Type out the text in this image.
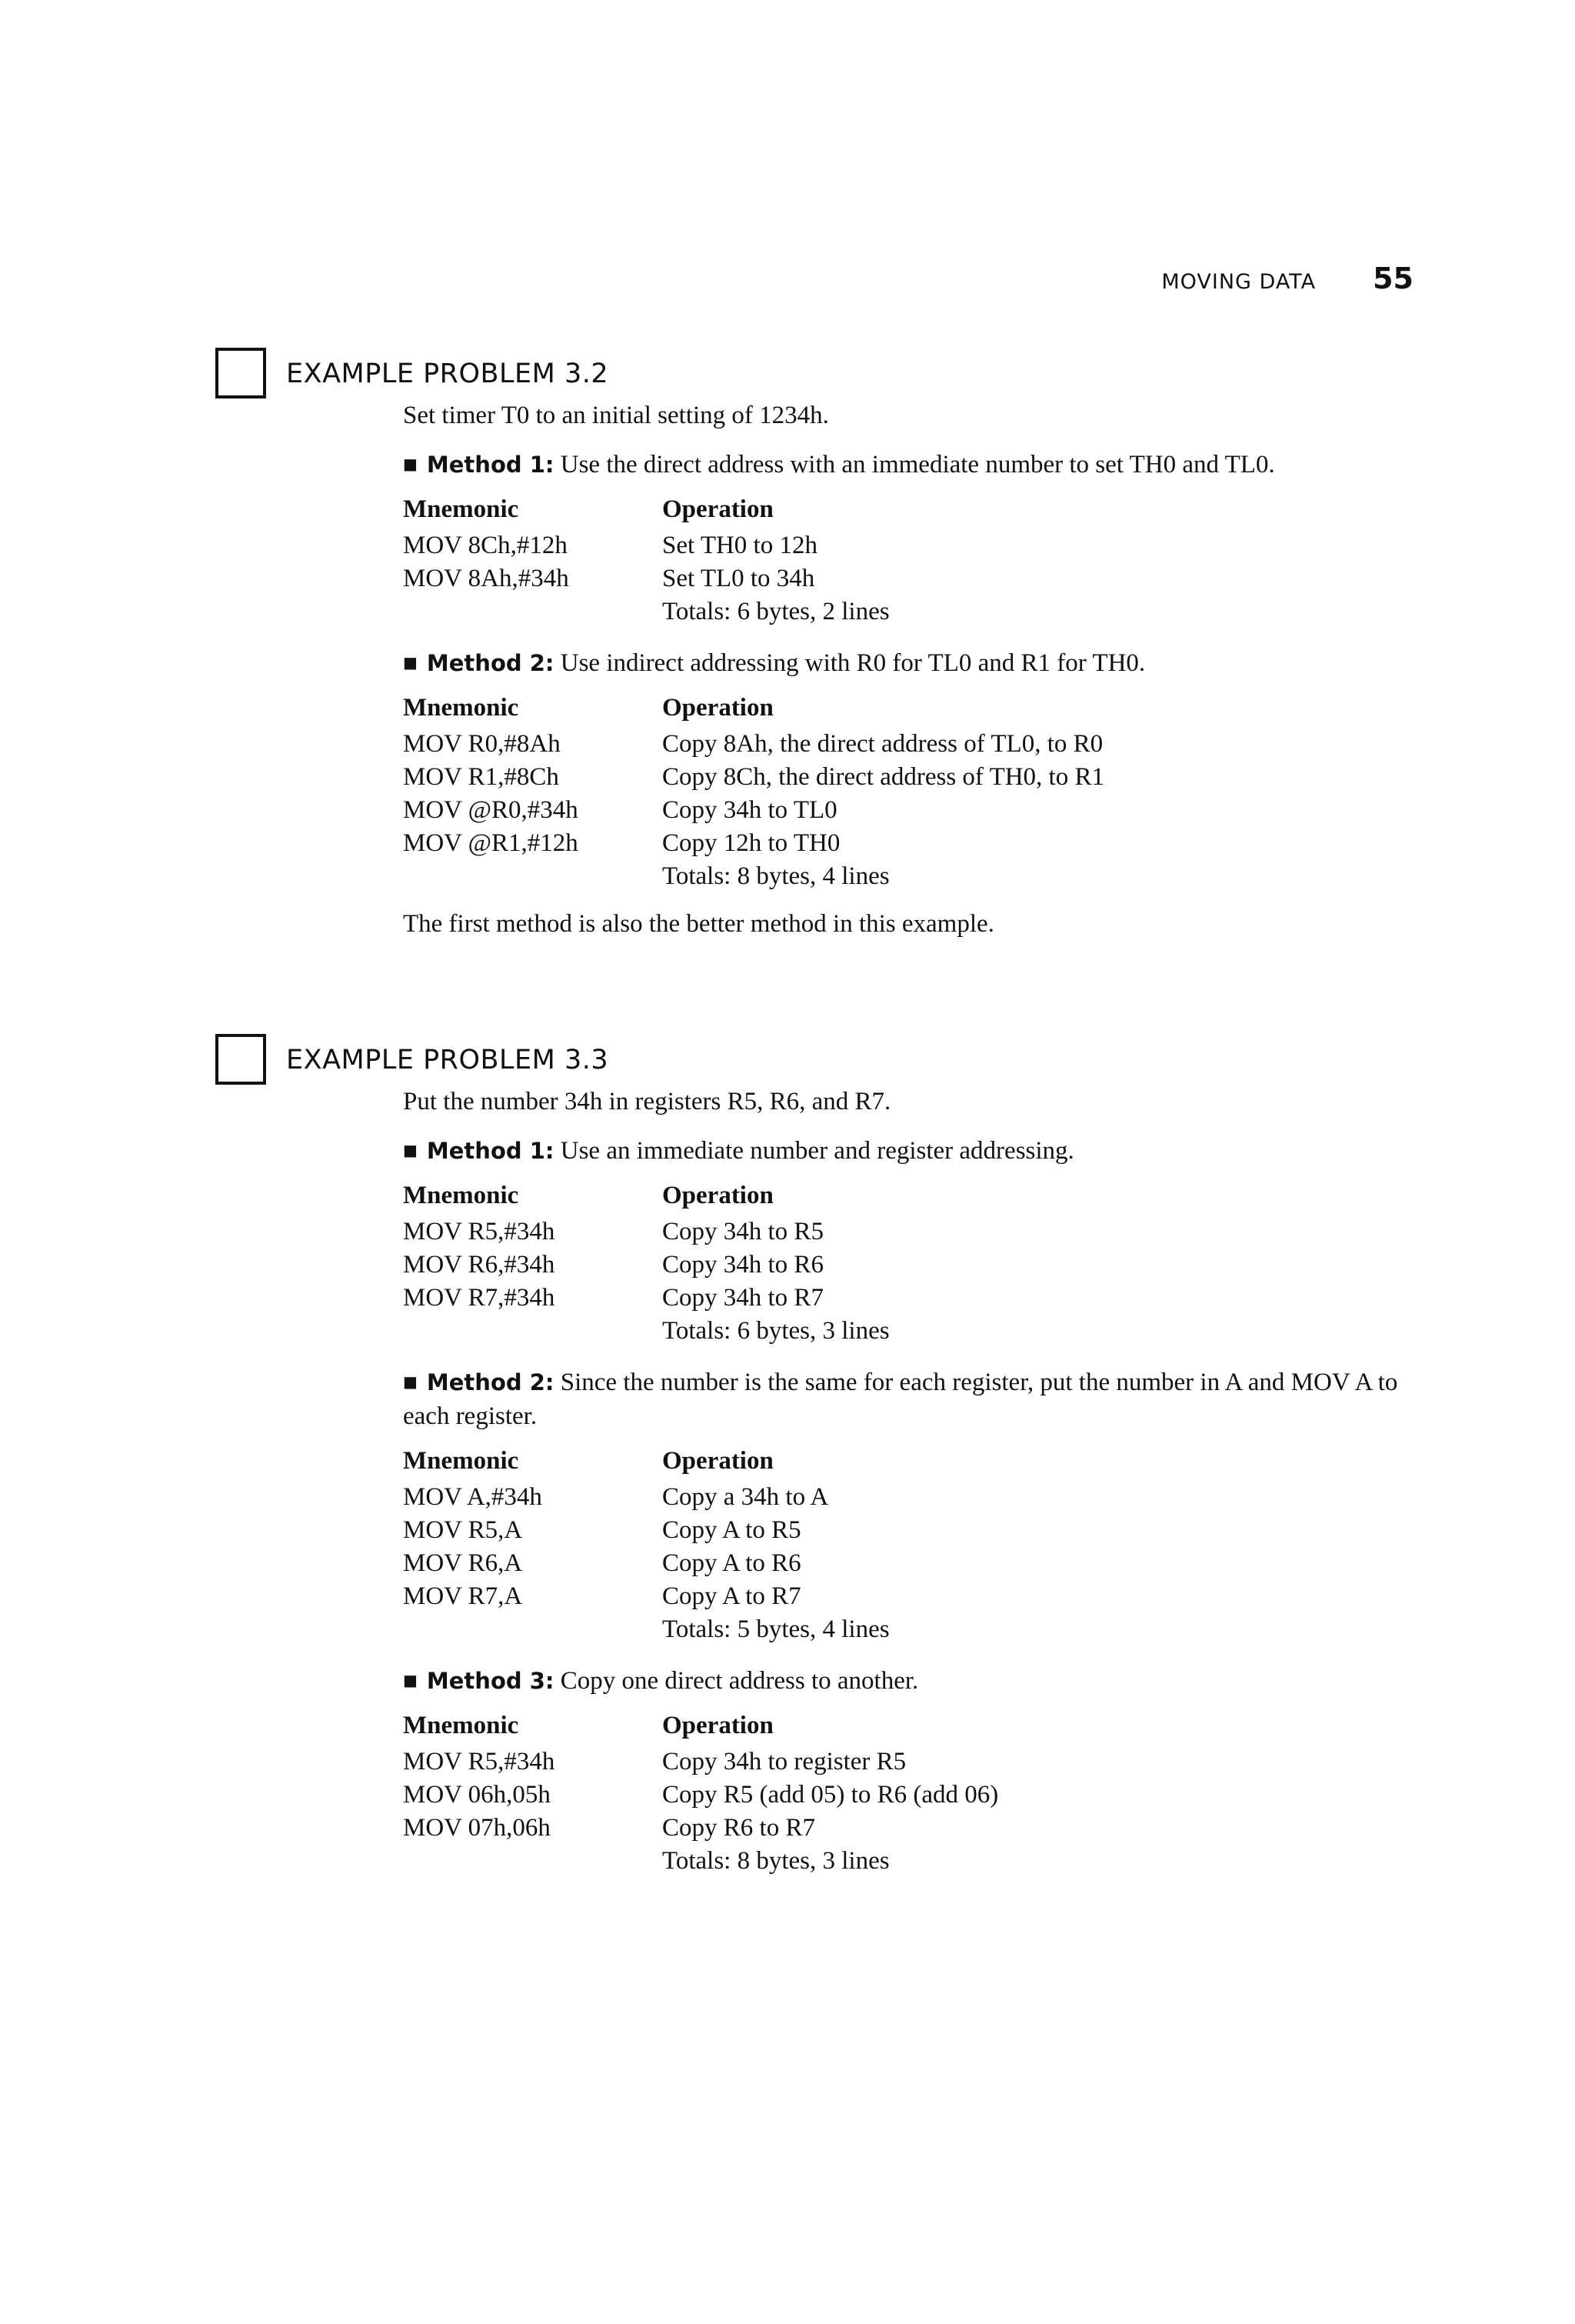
MOVING DATA 55
EXAMPLE PROBLEM 3.2
Set timer T0 to an initial setting of 1234h.
■ Method 1: Use the direct address with an immediate number to set TH0 and TL0.
Mnemonic	Operation
MOV 8Ch,#12h	Set TH0 to 12h
MOV 8Ah,#34h	Set TL0 to 34h
	Totals: 6 bytes, 2 lines
■ Method 2: Use indirect addressing with R0 for TL0 and R1 for TH0.
Mnemonic	Operation
MOV R0,#8Ah	Copy 8Ah, the direct address of TL0, to R0
MOV R1,#8Ch	Copy 8Ch, the direct address of TH0, to R1
MOV @R0,#34h	Copy 34h to TL0
MOV @R1,#12h	Copy 12h to TH0
	Totals: 8 bytes, 4 lines
The first method is also the better method in this example.
EXAMPLE PROBLEM 3.3
Put the number 34h in registers R5, R6, and R7.
■ Method 1: Use an immediate number and register addressing.
Mnemonic	Operation
MOV R5,#34h	Copy 34h to R5
MOV R6,#34h	Copy 34h to R6
MOV R7,#34h	Copy 34h to R7
	Totals: 6 bytes, 3 lines
■ Method 2: Since the number is the same for each register, put the number in A and MOV A to each register.
Mnemonic	Operation
MOV A,#34h	Copy a 34h to A
MOV R5,A	Copy A to R5
MOV R6,A	Copy A to R6
MOV R7,A	Copy A to R7
	Totals: 5 bytes, 4 lines
■ Method 3: Copy one direct address to another.
Mnemonic	Operation
MOV R5,#34h	Copy 34h to register R5
MOV 06h,05h	Copy R5 (add 05) to R6 (add 06)
MOV 07h,06h	Copy R6 to R7
	Totals: 8 bytes, 3 lines
